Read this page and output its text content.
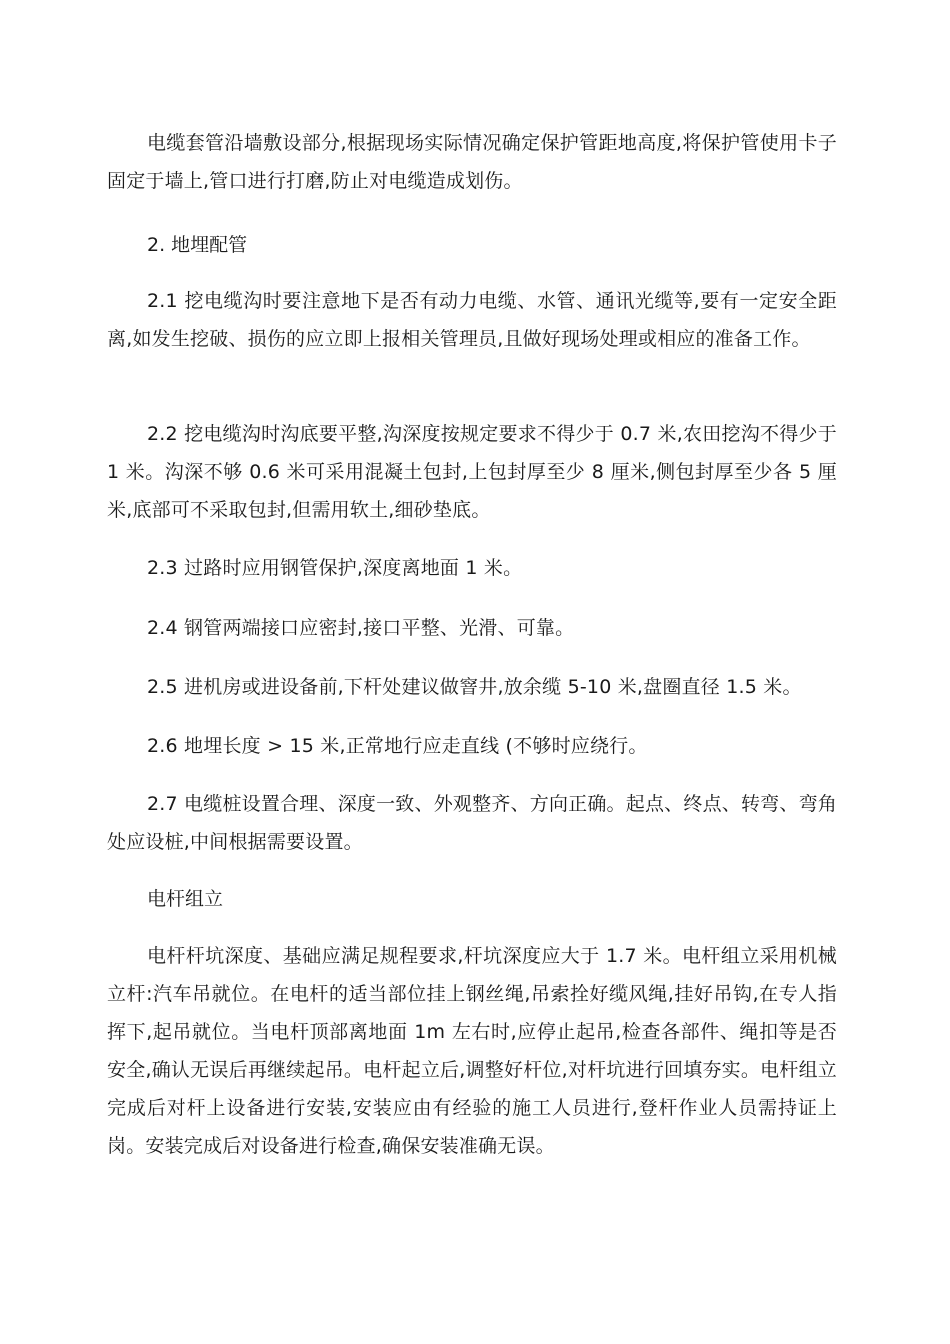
电缆套管沿墙敷设部分,根据现场实际情况确定保护管距地高度,将保护管使用卡子固定于墙上,管口进行打磨,防止对电缆造成划伤。

2. 地埋配管

2.1 挖电缆沟时要注意地下是否有动力电缆、水管、通讯光缆等,要有一定安全距离,如发生挖破、损伤的应立即上报相关管理员,且做好现场处理或相应的准备工作。

2.2 挖电缆沟时沟底要平整,沟深度按规定要求不得少于 0.7 米,农田挖沟不得少于 1 米。沟深不够 0.6 米可采用混凝土包封,上包封厚至少 8 厘米,侧包封厚至少各 5 厘米,底部可不采取包封,但需用软土,细砂垫底。

2.3 过路时应用钢管保护,深度离地面 1 米。

2.4 钢管两端接口应密封,接口平整、光滑、可靠。

2.5 进机房或进设备前,下杆处建议做窨井,放余缆 5-10 米,盘圈直径 1.5 米。

2.6 地埋长度 > 15 米,正常地行应走直线 (不够时应绕行。

2.7 电缆桩设置合理、深度一致、外观整齐、方向正确。起点、终点、转弯、弯角处应设桩,中间根据需要设置。

电杆组立

电杆杆坑深度、基础应满足规程要求,杆坑深度应大于 1.7 米。电杆组立采用机械立杆:汽车吊就位。在电杆的适当部位挂上钢丝绳,吊索拴好缆风绳,挂好吊钩,在专人指挥下,起吊就位。当电杆顶部离地面 1m 左右时,应停止起吊,检查各部件、绳扣等是否安全,确认无误后再继续起吊。电杆起立后,调整好杆位,对杆坑进行回填夯实。电杆组立完成后对杆上设备进行安装,安装应由有经验的施工人员进行,登杆作业人员需持证上岗。安装完成后对设备进行检查,确保安装准确无误。
